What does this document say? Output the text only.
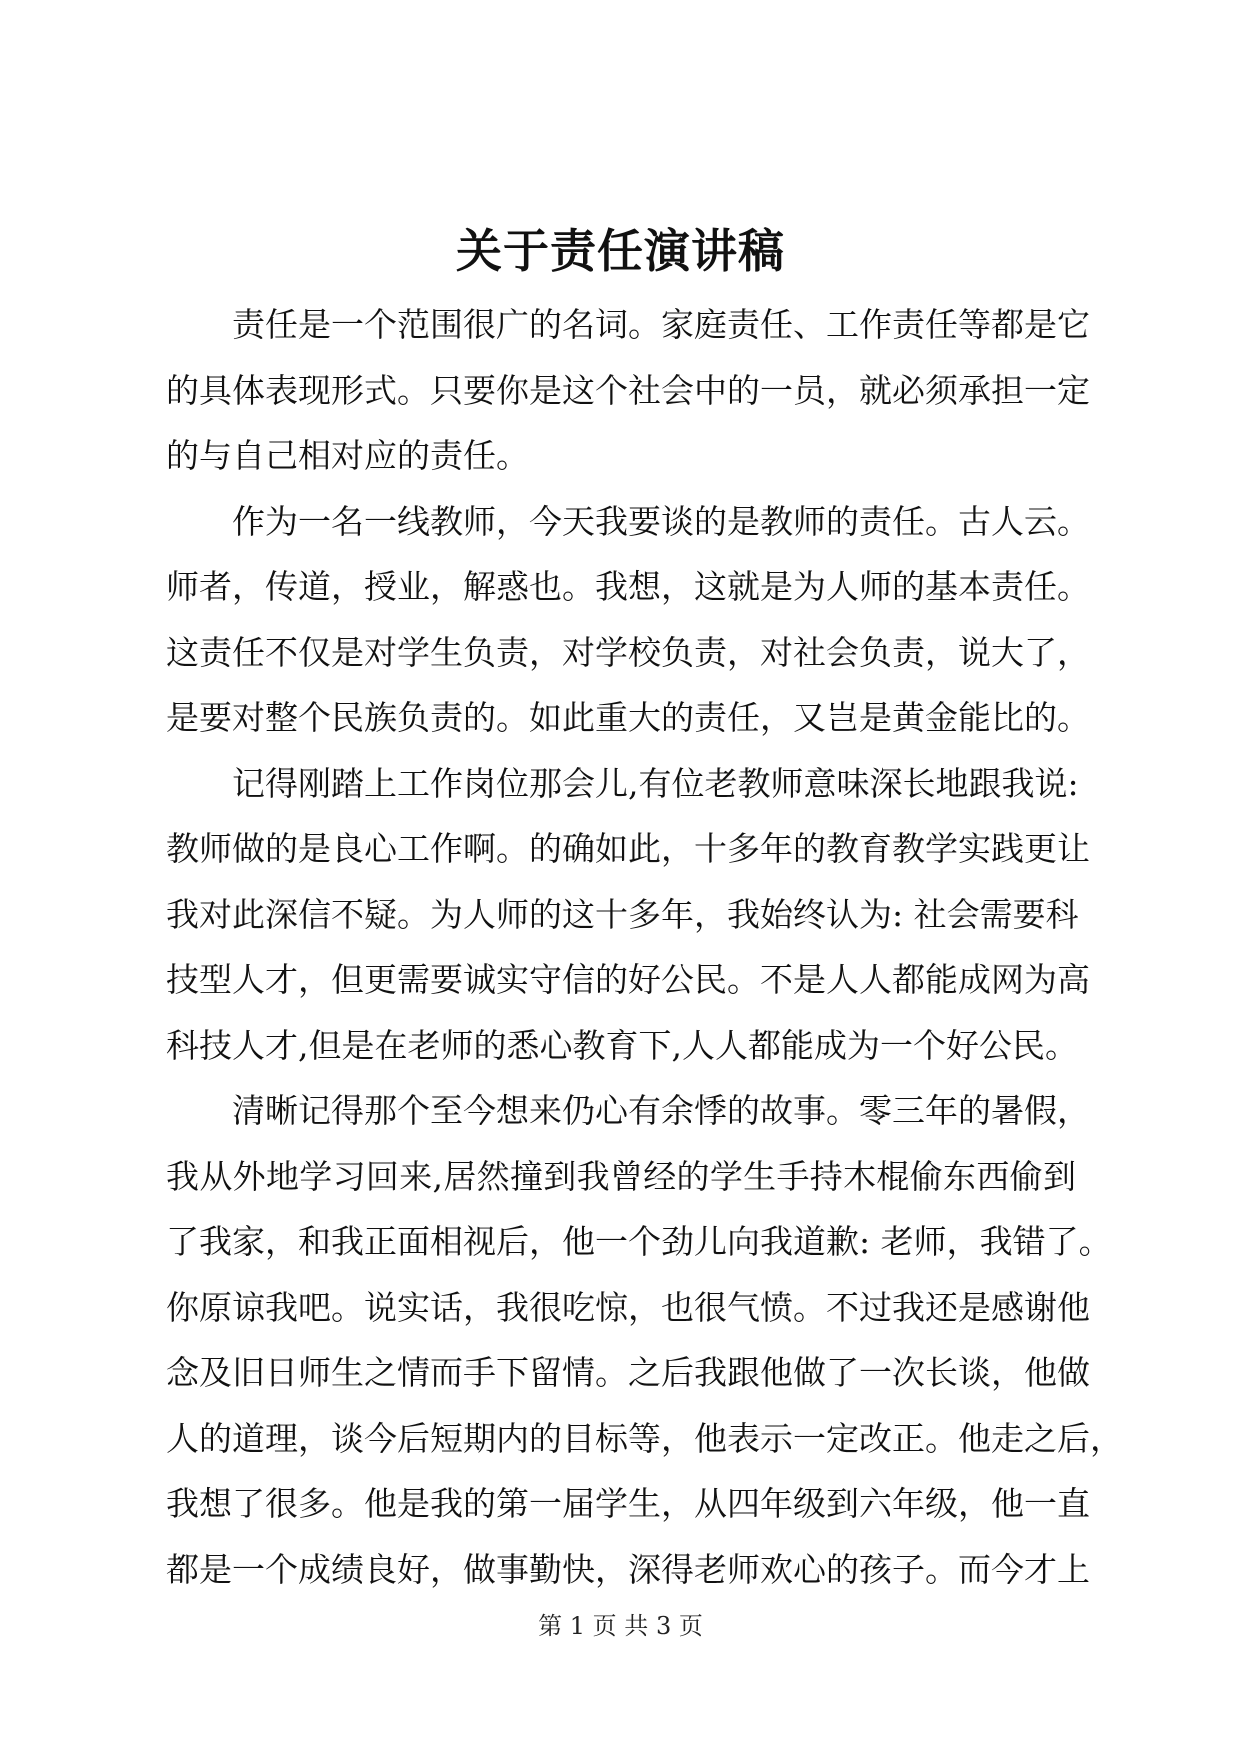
关于责任演讲稿
责任是一个范围很广的名词。家庭责任、工作责任等都是它
的具体表现形式。只要你是这个社会中的一员，就必须承担一定
的与自己相对应的责任。
作为一名一线教师，今天我要谈的是教师的责任。古人云。
师者，传道，授业，解惑也。我想，这就是为人师的基本责任。
这责任不仅是对学生负责，对学校负责，对社会负责，说大了，
是要对整个民族负责的。如此重大的责任，又岂是黄金能比的。
记得刚踏上工作岗位那会儿,有位老教师意味深长地跟我说:
教师做的是良心工作啊。的确如此，十多年的教育教学实践更让
我对此深信不疑。为人师的这十多年，我始终认为: 社会需要科
技型人才，但更需要诚实守信的好公民。不是人人都能成网为高
科技人才,但是在老师的悉心教育下,人人都能成为一个好公民。
清晰记得那个至今想来仍心有余悸的故事。零三年的暑假，
我从外地学习回来,居然撞到我曾经的学生手持木棍偷东西偷到
了我家，和我正面相视后，他一个劲儿向我道歉: 老师，我错了。
你原谅我吧。说实话，我很吃惊，也很气愤。不过我还是感谢他
念及旧日师生之情而手下留情。之后我跟他做了一次长谈，他做
人的道理，谈今后短期内的目标等，他表示一定改正。他走之后，
我想了很多。他是我的第一届学生，从四年级到六年级，他一直
都是一个成绩良好，做事勤快，深得老师欢心的孩子。而今才上
第 1 页 共 3 页
